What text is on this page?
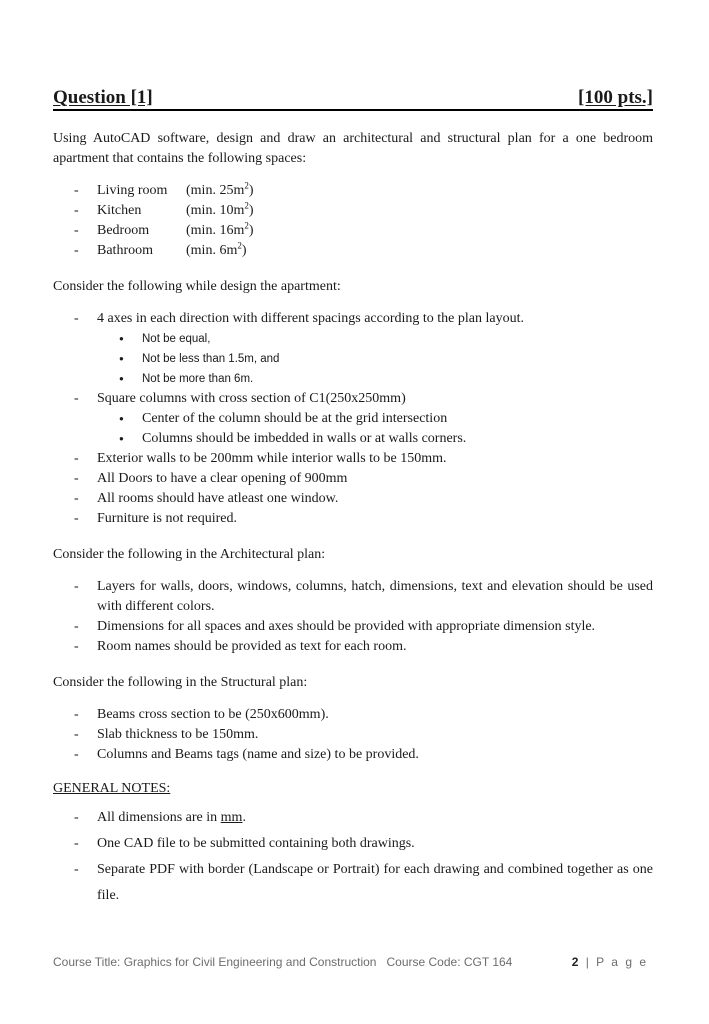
Question [1]	[100 pts.]

Using AutoCAD software, design and draw an architectural and structural plan for a one bedroom apartment that contains the following spaces:

- Living room	(min. $25m^2$)
- Kitchen	(min. $10m^2$)
- Bedroom	(min. $16m^2$)
- Bathroom	(min. $6m^2$)

Consider the following while design the apartment:

- 4 axes in each direction with different spacings according to the plan layout.
● Not be equal,
● Not be less than 1.5m, and
● Not be more than 6m.
- Square columns with cross section of C1(250x250mm)
● Center of the column should be at the grid intersection
● Columns should be imbedded in walls or at walls corners.
- Exterior walls to be 200mm while interior walls to be 150mm.
- All Doors to have a clear opening of 900mm
- All rooms should have atleast one window.
- Furniture is not required.

Consider the following in the Architectural plan:

- Layers for walls, doors, windows, columns, hatch, dimensions, text and elevation should be used with different colors.
- Dimensions for all spaces and axes should be provided with appropriate dimension style.
- Room names should be provided as text for each room.

Consider the following in the Structural plan:

- Beams cross section to be (250x600mm).
- Slab thickness to be 150mm.
- Columns and Beams tags (name and size) to be provided.
GENERAL NOTES:
- All dimensions are in mm.
- One CAD file to be submitted containing both drawings.
- Separate PDF with border (Landscape or Portrait) for each drawing and combined together as one file.
Course Title: Graphics for Civil Engineering and Construction Course Code: CGT 164	2 | P a g e
